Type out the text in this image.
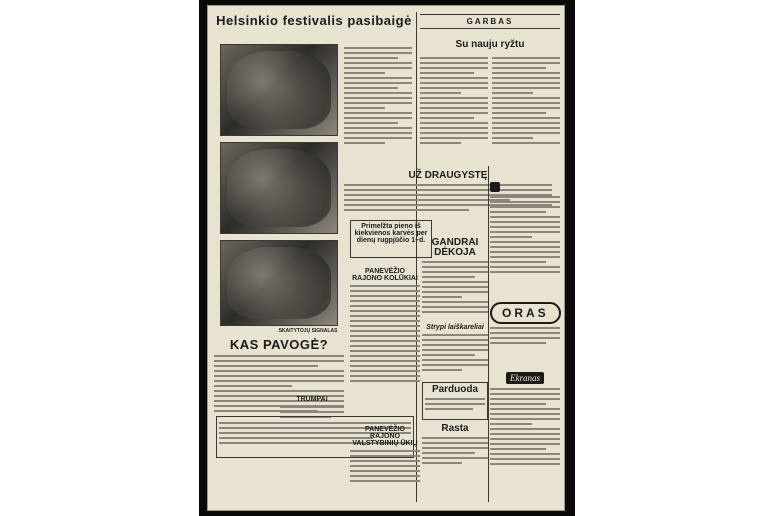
Helsinkio festivalis pasibaigė
UŽ DRAUGYSTĘ
Primelžta pieno iš kiekvienos karvės per dienų rugpjūčio 1–d.
PANEVĖŽIO RAJONO KOLŪKIAI
SKAITYTOJŲ SIGNALAS
KAS PAVOGĖ?
TRUMPAI
PANEVĖŽIO RAJONO VALSTYBINIŲ ŪKIŲ
GARBAS
Su nauju ryžtu

GANDRAI DĖKOJA
Strypi laiškareliai
ORAS
Parduoda
Rasta
Ekranas
